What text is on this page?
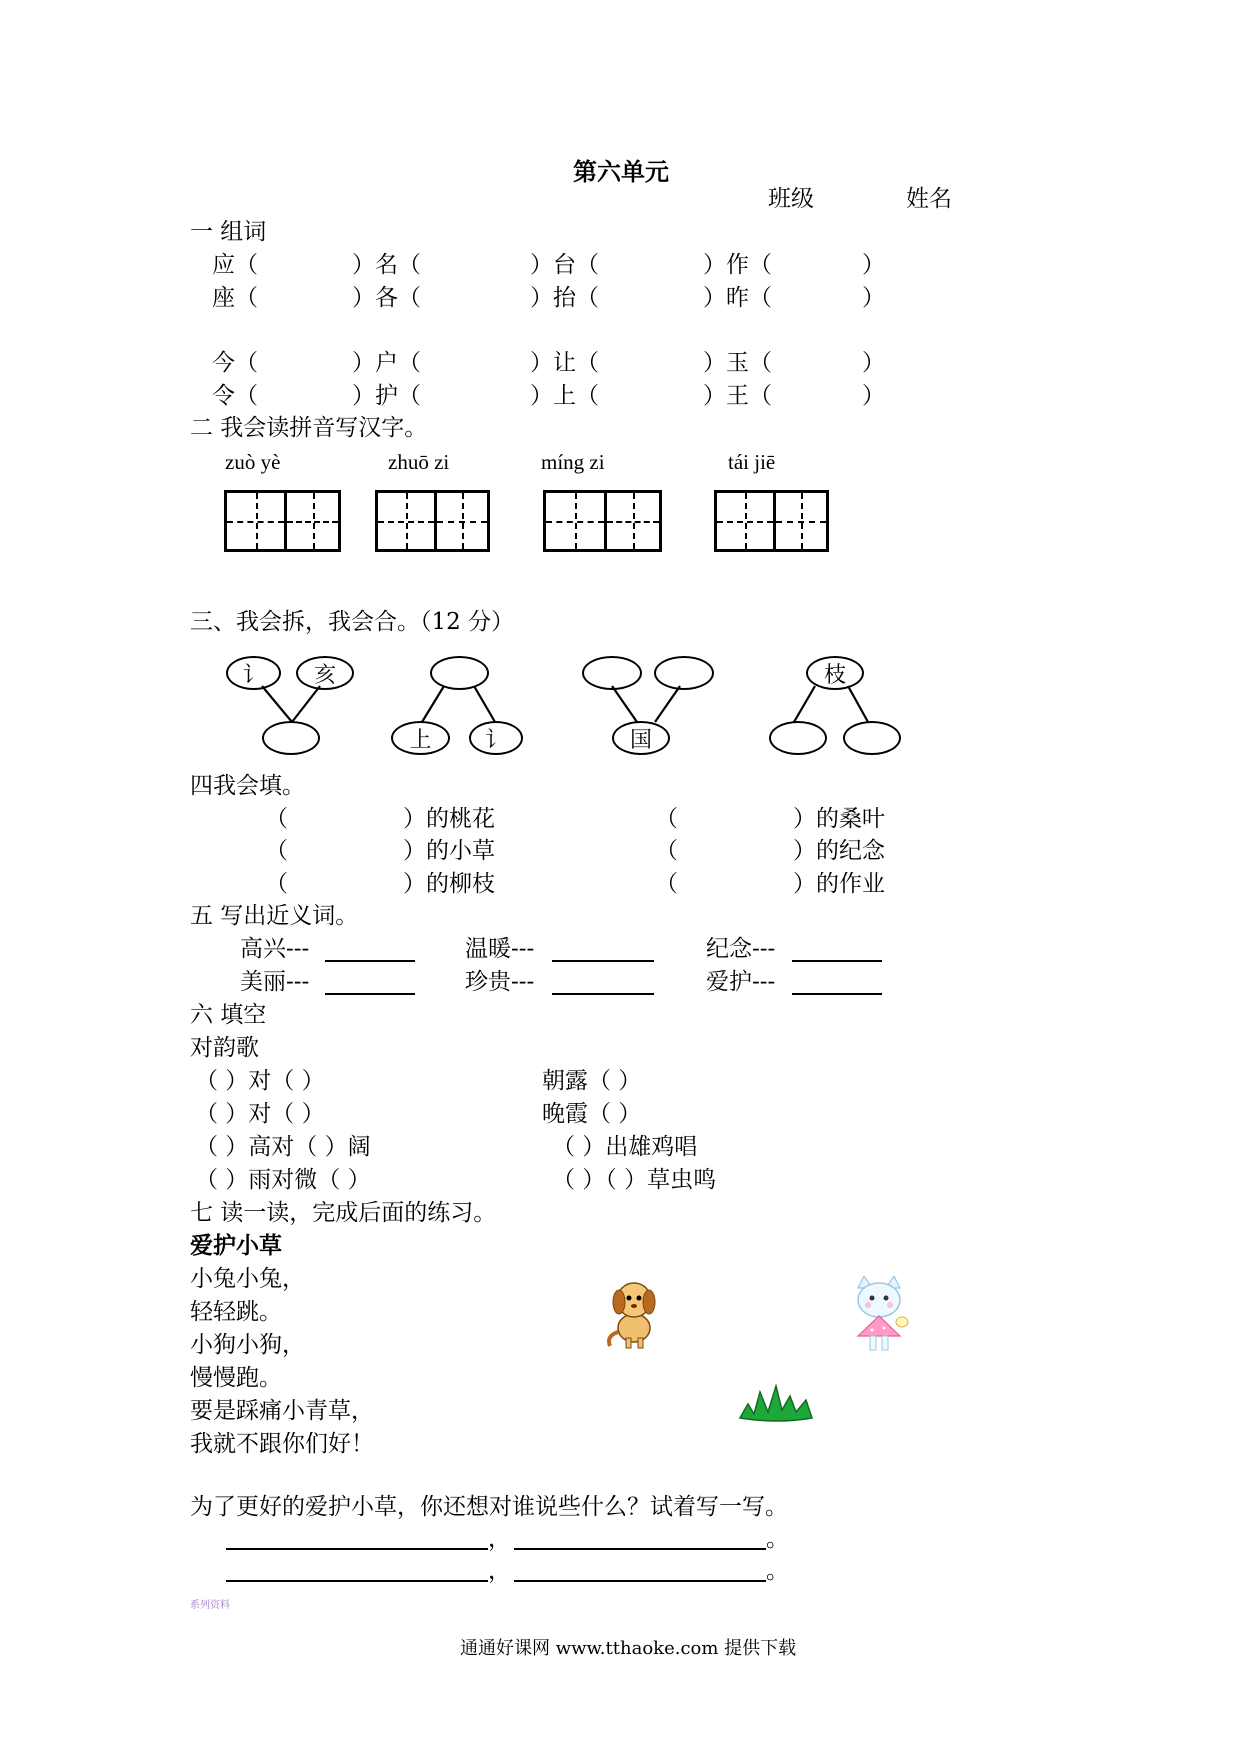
第六单元
班级	姓名
一 组词
应（	）名（	）台（	）作（	）
座（	）各（	）抬（	）昨（	）
今（	）户（	）让（	）玉（	）
令（	）护（	）上（	）王（	）
二 我会读拼音写汉字。
zuò yè	zhuō zi	míng zi	tái jiē
三、我会拆，我会合。（12 分）
讠	亥
上	讠	国
枝
四我会填。
（	）的桃花	（	）的桑叶
（	）的小草	（	）的纪念
（	）的柳枝	（	）的作业
五 写出近义词。
高兴---	温暖---	纪念---
美丽---	珍贵---	爱护---
六 填空
对韵歌
（ ）对（ ）
（ ）对（ ）
（ ）高对（ ）阔
（ ）雨对微（ ）
朝露（ ）
晚霞（ ）
（ ）出雄鸡唱
（ ）（ ）草虫鸣
七 读一读，完成后面的练习。
爱护小草
小兔小兔，
轻轻跳。
小狗小狗，
慢慢跑。
要是踩痛小青草，
我就不跟你们好！
为了更好的爱护小草，你还想对谁说些什么？试着写一写。
，	。
，	。
系列资料
通通好课网 www.tthaoke.com 提供下载
